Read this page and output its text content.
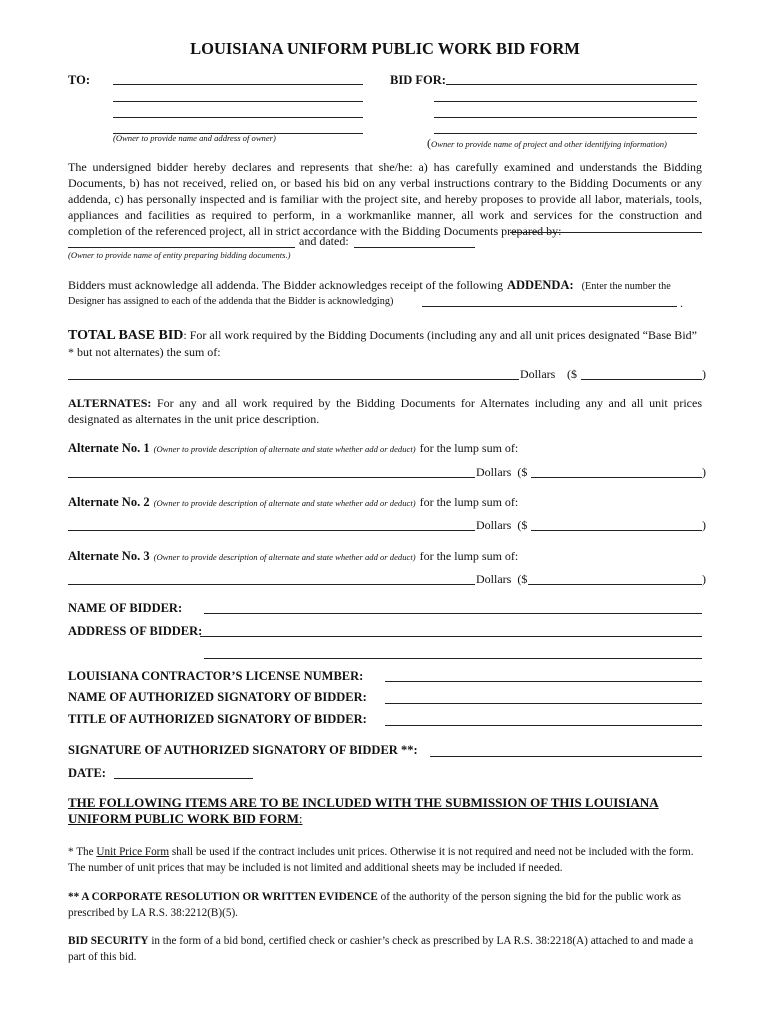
LOUISIANA UNIFORM PUBLIC WORK BID FORM
TO:
(Owner to provide name and address of owner)
BID FOR:
(Owner to provide name of project and other identifying information)
The undersigned bidder hereby declares and represents that she/he: a) has carefully examined and understands the Bidding Documents, b) has not received, relied on, or based his bid on any verbal instructions contrary to the Bidding Documents or any addenda, c) has personally inspected and is familiar with the project site, and hereby proposes to provide all labor, materials, tools, appliances and facilities as required to perform, in a workmanlike manner, all work and services for the construction and completion of the referenced project, all in strict accordance with the Bidding Documents prepared by:
and dated:
(Owner to provide name of entity preparing bidding documents.)
Bidders must acknowledge all addenda. The Bidder acknowledges receipt of the following ADDENDA: (Enter the number the
Designer has assigned to each of the addenda that the Bidder is acknowledging)	.
TOTAL BASE BID: For all work required by the Bidding Documents (including any and all unit prices designated “Base Bid” * but not alternates) the sum of:
Dollars ($	)
ALTERNATES: For any and all work required by the Bidding Documents for Alternates including any and all unit prices designated as alternates in the unit price description.
Alternate No. 1 (Owner to provide description of alternate and state whether add or deduct) for the lump sum of:
Dollars ($	)
Alternate No. 2 (Owner to provide description of alternate and state whether add or deduct) for the lump sum of:
Dollars ($	)
Alternate No. 3 (Owner to provide description of alternate and state whether add or deduct) for the lump sum of:
Dollars ($	)
NAME OF BIDDER:
ADDRESS OF BIDDER:
LOUISIANA CONTRACTOR’S LICENSE NUMBER:
NAME OF AUTHORIZED SIGNATORY OF BIDDER:
TITLE OF AUTHORIZED SIGNATORY OF BIDDER:
SIGNATURE OF AUTHORIZED SIGNATORY OF BIDDER **:
DATE:
THE FOLLOWING ITEMS ARE TO BE INCLUDED WITH THE SUBMISSION OF THIS LOUISIANA UNIFORM PUBLIC WORK BID FORM:
* The Unit Price Form shall be used if the contract includes unit prices. Otherwise it is not required and need not be included with the form. The number of unit prices that may be included is not limited and additional sheets may be included if needed.
** A CORPORATE RESOLUTION OR WRITTEN EVIDENCE of the authority of the person signing the bid for the public work as prescribed by LA R.S. 38:2212(B)(5).
BID SECURITY in the form of a bid bond, certified check or cashier’s check as prescribed by LA R.S. 38:2218(A) attached to and made a part of this bid.
